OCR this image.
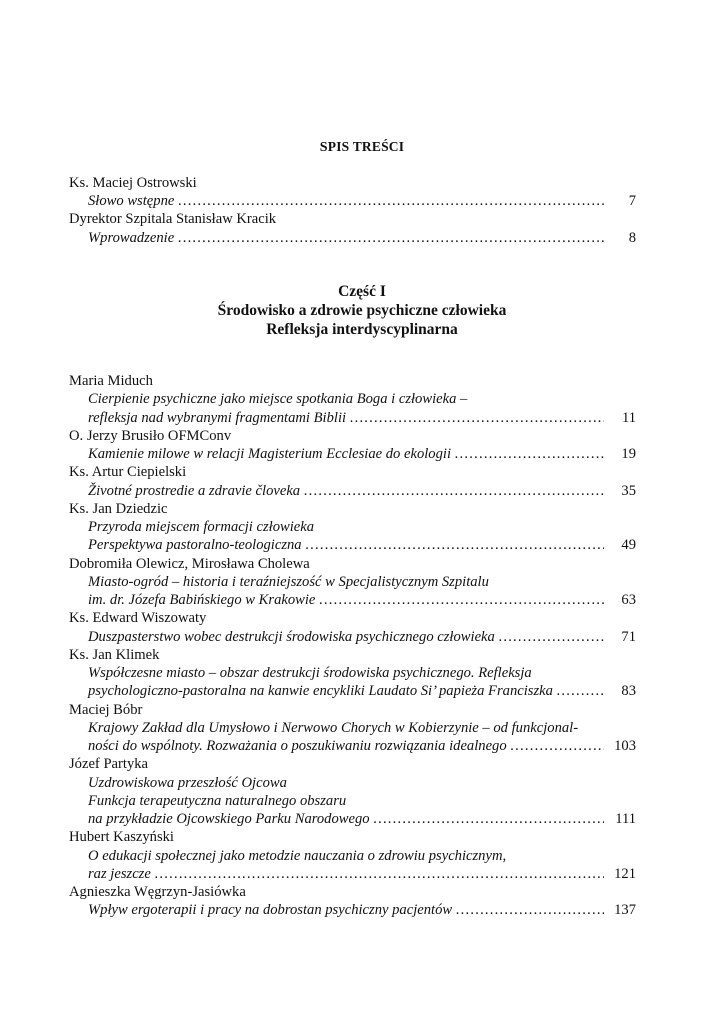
SPIS TREŚCI
Ks. Maciej Ostrowski
Słowo wstępne …………………………………………………………………………………………………………………………………………………………………………………………	7
Dyrektor Szpitala Stanisław Kracik
Wprowadzenie …………………………………………………………………………………………………………………………………………………………………………………………	8
Część I
Środowisko a zdrowie psychiczne człowieka
Refleksja interdyscyplinarna
Maria Miduch
Cierpienie psychiczne jako miejsce spotkania Boga i człowieka –
refleksja nad wybranymi fragmentami Biblii …………………………………………………………………………………………………………………………………………………………………………………………	11
O. Jerzy Brusiło OFMConv
Kamienie milowe w relacji Magisterium Ecclesiae do ekologii …………………………………………………………………………………………………………………………………………………………………………………………	19
Ks. Artur Ciepielski
Životné prostredie a zdravie človeka …………………………………………………………………………………………………………………………………………………………………………………………	35
Ks. Jan Dziedzic
Przyroda miejscem formacji człowieka
Perspektywa pastoralno-teologiczna …………………………………………………………………………………………………………………………………………………………………………………………	49
Dobromiła Olewicz, Mirosława Cholewa
Miasto-ogród – historia i teraźniejszość w Specjalistycznym Szpitalu
im. dr. Józefa Babińskiego w Krakowie …………………………………………………………………………………………………………………………………………………………………………………………	63
Ks. Edward Wiszowaty
Duszpasterstwo wobec destrukcji środowiska psychicznego człowieka …………………………………………………………………………………………………………………………………………………………………………………………	71
Ks. Jan Klimek
Współczesne miasto – obszar destrukcji środowiska psychicznego. Refleksja
psychologiczno-pastoralna na kanwie encykliki Laudato Si’ papieża Franciszka …………………………………………………………………………………………………………………………………………………………………………………………	83
Maciej Bóbr
Krajowy Zakład dla Umysłowo i Nerwowo Chorych w Kobierzynie – od funkcjonal-
ności do wspólnoty. Rozważania o poszukiwaniu rozwiązania idealnego …………………………………………………………………………………………………………………………………………………………………………………………	103
Józef Partyka
Uzdrowiskowa przeszłość Ojcowa
Funkcja terapeutyczna naturalnego obszaru
na przykładzie Ojcowskiego Parku Narodowego …………………………………………………………………………………………………………………………………………………………………………………………	111
Hubert Kaszyński
O edukacji społecznej jako metodzie nauczania o zdrowiu psychicznym,
raz jeszcze …………………………………………………………………………………………………………………………………………………………………………………………	121
Agnieszka Węgrzyn-Jasiówka
Wpływ ergoterapii i pracy na dobrostan psychiczny pacjentów …………………………………………………………………………………………………………………………………………………………………………………………	137
